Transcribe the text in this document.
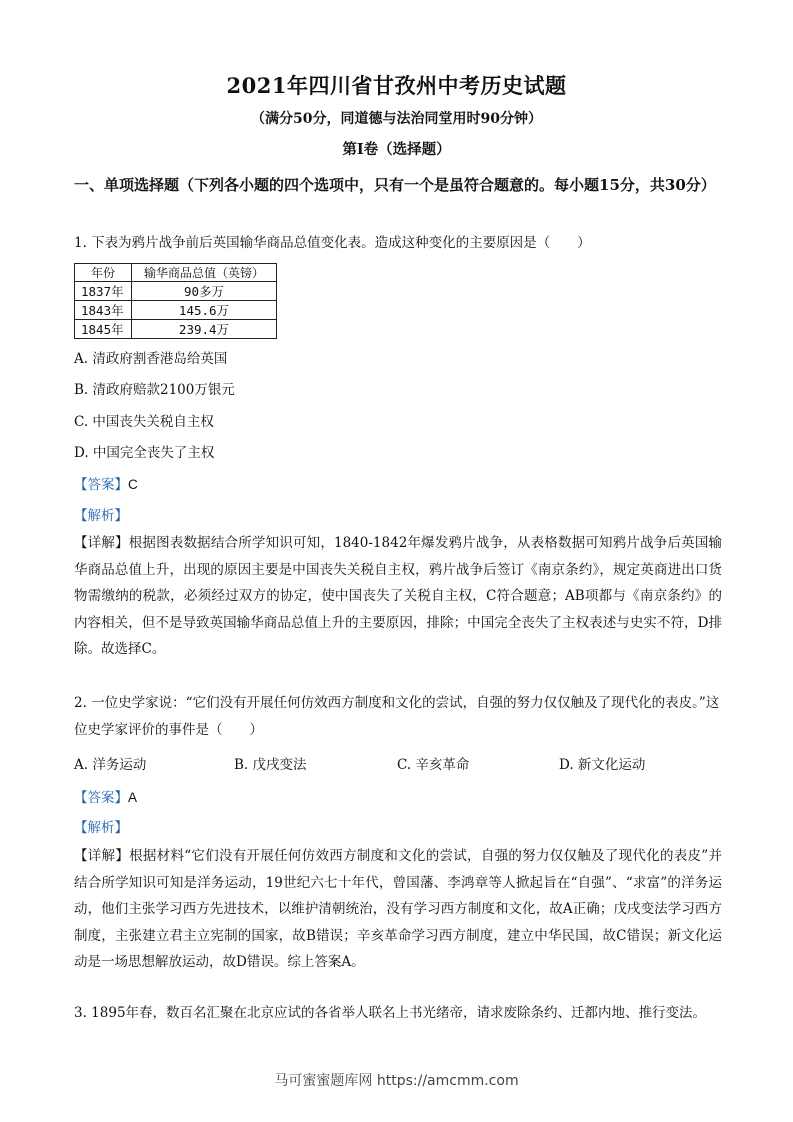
2021年四川省甘孜州中考历史试题
（满分50分，同道德与法治同堂用时90分钟）
第Ⅰ卷（选择题）
一、单项选择题（下列各小题的四个选项中，只有一个是虽符合题意的。每小题15分，共30分）
1. 下表为鸦片战争前后英国输华商品总值变化表。造成这种变化的主要原因是（　　）
年份	输华商品总值（英镑）
1837年	90多万
1843年	145.6万
1845年	239.4万
A. 清政府割香港岛给英国
B. 清政府赔款2100万银元
C. 中国丧失关税自主权
D. 中国完全丧失了主权
【答案】C
【解析】
【详解】根据图表数据结合所学知识可知，1840-1842年爆发鸦片战争，从表格数据可知鸦片战争后英国输华商品总值上升，出现的原因主要是中国丧失关税自主权，鸦片战争后签订《南京条约》，规定英商进出口货物需缴纳的税款，必须经过双方的协定，使中国丧失了关税自主权，C符合题意；AB项都与《南京条约》的内容相关，但不是导致英国输华商品总值上升的主要原因，排除；中国完全丧失了主权表述与史实不符，D排除。故选择C。
2. 一位史学家说：“它们没有开展任何仿效西方制度和文化的尝试，自强的努力仅仅触及了现代化的表皮。”这位史学家评价的事件是（　　）
A. 洋务运动	B. 戊戌变法	C. 辛亥革命	D. 新文化运动
【答案】A
【解析】
【详解】根据材料“它们没有开展任何仿效西方制度和文化的尝试，自强的努力仅仅触及了现代化的表皮”并结合所学知识可知是洋务运动，19世纪六七十年代，曾国藩、李鸿章等人掀起旨在“自强”、“求富”的洋务运动，他们主张学习西方先进技术，以维护清朝统治，没有学习西方制度和文化，故A正确；戊戌变法学习西方制度，主张建立君主立宪制的国家，故B错误；辛亥革命学习西方制度，建立中华民国，故C错误；新文化运动是一场思想解放运动，故D错误。综上答案A。
3. 1895年春，数百名汇聚在北京应试的各省举人联名上书光绪帝，请求废除条约、迁都内地、推行变法。
马可蜜蜜题库网 https://amcmm.com
